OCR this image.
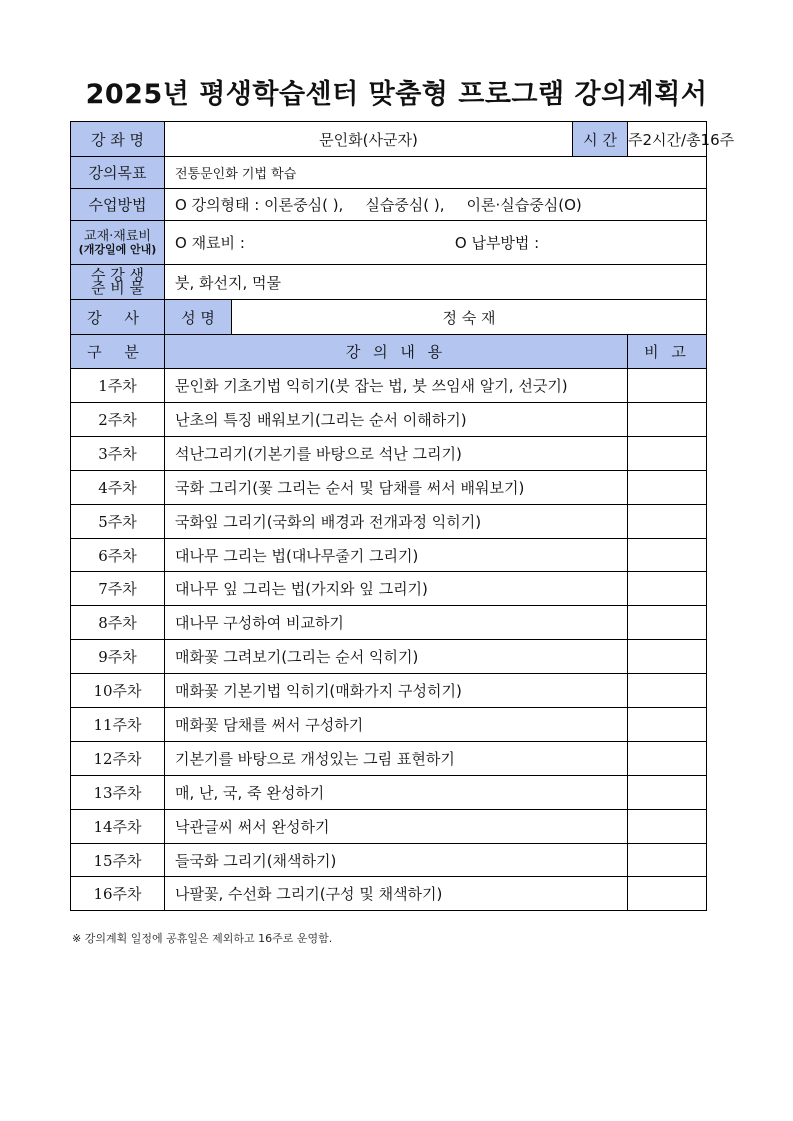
2025년 평생학습센터 맞춤형 프로그램 강의계획서
강 좌 명	문인화(사군자)		시 간	주2시간/총16주
강의목표	전통문인화 기법 학습			
수업방법	O 강의형태 : 이론중심( ), 실습중심( ), 이론·실습중심(O)			
교재·재료비
(개강일에 안내)	O 재료비 : O 납부방법 :			

수 강 생
준 비 물	붓, 화선지, 먹물			
강 사	성 명	정 숙 재		
구 분	강 의 내 용			비 고
1주차	문인화 기초기법 익히기(붓 잡는 법, 붓 쓰임새 알기, 선긋기)			
2주차	난초의 특징 배워보기(그리는 순서 이해하기)			
3주차	석난그리기(기본기를 바탕으로 석난 그리기)			
4주차	국화 그리기(꽃 그리는 순서 및 담채를 써서 배워보기)			
5주차	국화잎 그리기(국화의 배경과 전개과정 익히기)			
6주차	대나무 그리는 법(대나무줄기 그리기)			
7주차	대나무 잎 그리는 법(가지와 잎 그리기)			
8주차	대나무 구성하여 비교하기			
9주차	매화꽃 그려보기(그리는 순서 익히기)			
10주차	매화꽃 기본기법 익히기(매화가지 구성히기)			
11주차	매화꽃 담채를 써서 구성하기			
12주차	기본기를 바탕으로 개성있는 그림 표현하기			
13주차	매, 난, 국, 죽 완성하기			
14주차	낙관글씨 써서 완성하기			
15주차	들국화 그리기(채색하기)			
16주차	나팔꽃, 수선화 그리기(구성 및 채색하기)			

※ 강의계획 일정에 공휴일은 제외하고 16주로 운영함.
